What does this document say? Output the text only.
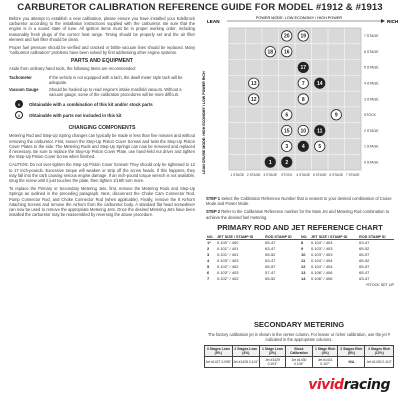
CARBURETOR CALIBRATION REFERENCE GUIDE FOR MODEL #1912 & #1913

Before you attempt to establish a new calibration, please ensure you have installed your Edelbrock carburetor according to the installation instructions supplied with the carburetor. Be sure that the engine is in a sound state of tune. All ignition items must be in proper working order, including reasonably fresh plugs of the correct heat range. Timing should be properly set and the air filter element and fuel filter should be clean.

Proper fuel pressure should be verified and cracked or brittle vacuum lines should be replaced. Many "carburetor calibration" problems have been solved by first addressing other engine systems.

PARTS AND EQUIPMENT

Aside from ordinary hand tools, the following items are recommended:

Tachometer	If the vehicle is not equipped with a tach, the dwell meter style tach will be adequate.
Vacuum Gauge	Should be hooked up to read engine's intake manifold vacuum. Without a vacuum gauge, some of the calibration procedures will be more difficult.
#	Obtainable with a combination of this kit and/or stock parts
#	Obtainable with parts not included in this kit
CHANGING COMPONENTS

Metering Rod and Step-Up Spring changes can typically be made in less than five minutes and without removing the carburetor. First, loosen the Step-Up Piston Cover Screws and twist the Step-Up Piston Cover Plates to the side. The Metering Rods and Step-Up Springs can now be removed and replaced if necessary. Be sure to replace the Step-Up Piston Cover Plate, use hand-held nut driver and tighten the Step-Up Piston Cover Screw when finished.

CAUTION: Do not over-tighten the Step-Up Piston Cover Screws! They should only be tightened to 12 to 17 inch-pounds. Excessive torque will weaken or strip off the screw heads. If this happens, they may fall into the carb causing serious engine damage. If an inch-pound torque wrench is not available, snug the screw until it just touches the plate, then tighten 1/16th turn more.

To replace the Primary or Secondary Metering Jets, first, remove the Metering Rods and Step-Up Springs as outlined in the preceding paragraph. Next, disconnect the Choke Cam Connector Rod, Pump Connector Rod, and Choke Connector Rod (when applicable). Finally, remove the 8 Airhorn Attaching Screws and remove the Airhorn from the carburetor body. A standard flat head screwdriver can now be used to remove the appropriate Metering Jets. Once the desired Metering Jets have been installed the carburetor may be reassembled by reversing the above procedure.

LEAN
POWER MODE: LOW ECONOMY / HIGH POWER
RICH
LEAN CRUISE MODE: HIGH ECONOMY / LOW POWER RICH
7 STAGE
6 STAGE
5 STAGE
4 STAGE
3 STAGE
STOCK
2 STAGE
1 STAGE
0 STAGE
1 STAGE 2 STAGE 3 STAGE STOCK 4 STAGE 5 STAGE 6 STAGE 7 STAGE
20 19
18 16
17
13	7 14
12	8
6
15 10 11
9
5
4
3
2
1
STEP 1 Select the Calibration Reference Number that is nearest to your desired combination of Cruise Mode and Power Mode.
STEP 2 Refer to the Calibration Reference number for the Main Jet and Metering Rod combination to achieve the desired fuel metering.
PRIMARY ROD AND JET REFERENCE CHART
NO.	JET SIZE / STAMP ID	ROD STAMP ID	NO.	JET SIZE / STAMP ID	ROD STAMP ID
1*	0.100" / 400	65-47	8	0.104" / 404	63-47
2	0.101" / 401	63-47	9	0.103" / 403	65-52
3	0.101" / 401	65-52	10	0.103" / 403	65-57
4	0.103" / 403	63-47	11	0.104" / 404	65-52
5	0.102" / 402	65-57	12	0.104" / 404	65-57
6	0.103" / 403	57-47	13	0.106" / 406	65-47
7	0.102" / 402	65-52	14	0.106" / 406	63-47
*STOCK SET UP
SECONDARY METERING

The factory calibration jet is shown in the center column. For leaner or richer calibration, use the jet # indicated in the appropriate columns.

3 Stages Lean (5%)	2 Stages Lean (4%)	1 Stage Lean (2%)	Stock Calibration	1 Stage Rich (4%)	2 Stages Rich (8%)	3 Stages Rich (12%)
Jet #1427 0.098"	Jet #1428 0.101"	Jet #1429 0.103"	Jet #1430 0.104"	Jet #1431 0.107"	N/A	Jet #1432 0.110"
vividracing
